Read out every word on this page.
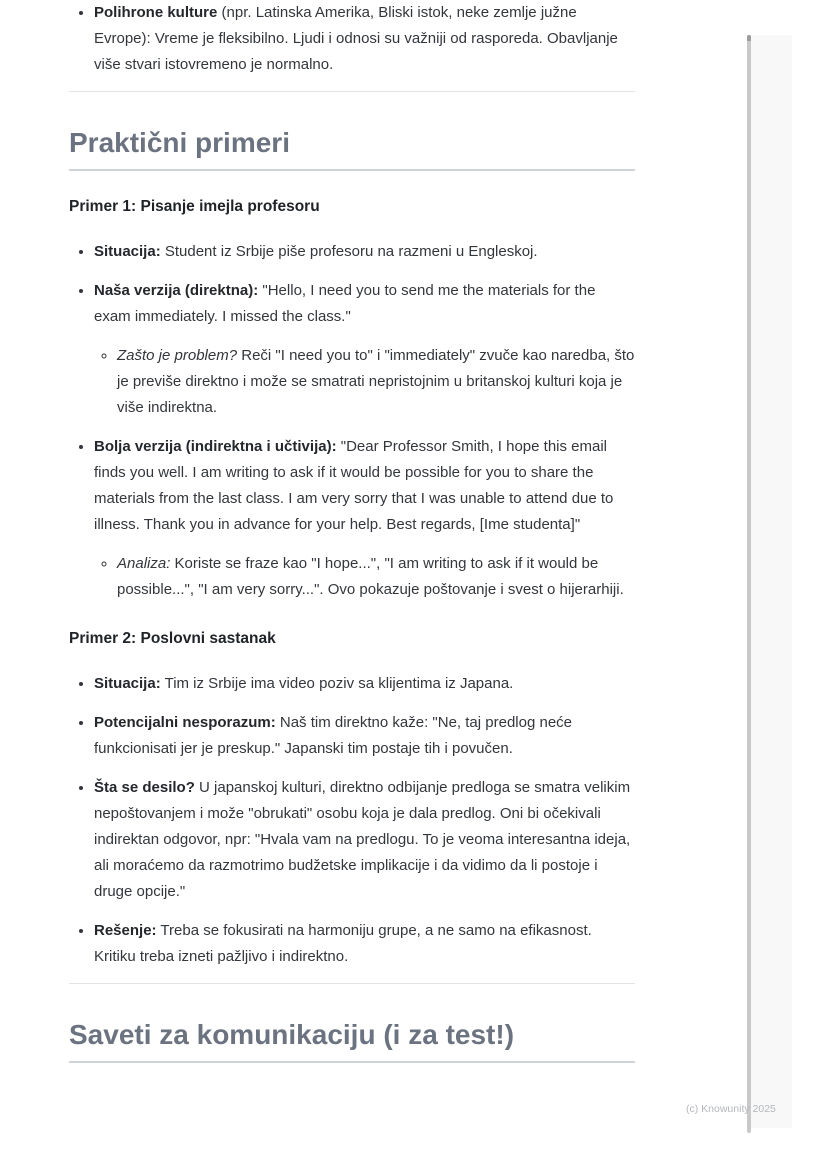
• Polihrone kulture (npr. Latinska Amerika, Bliski istok, neke zemlje južne Evrope): Vreme je fleksibilno. Ljudi i odnosi su važniji od rasporeda. Obavljanje više stvari istovremeno je normalno.
Praktični primeri
Primer 1: Pisanje imejla profesoru
• Situacija: Student iz Srbije piše profesoru na razmeni u Engleskoj.
• Naša verzija (direktna): "Hello, I need you to send me the materials for the exam immediately. I missed the class."
◦ Zašto je problem? Reči "I need you to" i "immediately" zvuče kao naredba, što je previše direktno i može se smatrati nepristojnim u britanskoj kulturi koja je više indirektna.
• Bolja verzija (indirektna i učtivija): "Dear Professor Smith, I hope this email finds you well. I am writing to ask if it would be possible for you to share the materials from the last class. I am very sorry that I was unable to attend due to illness. Thank you in advance for your help. Best regards, [Ime studenta]"
◦ Analiza: Koriste se fraze kao "I hope...", "I am writing to ask if it would be possible...", "I am very sorry...". Ovo pokazuje poštovanje i svest o hijerarhiji.
Primer 2: Poslovni sastanak
• Situacija: Tim iz Srbije ima video poziv sa klijentima iz Japana.
• Potencijalni nesporazum: Naš tim direktno kaže: "Ne, taj predlog neće funkcionisati jer je preskup." Japanski tim postaje tih i povučen.
• Šta se desilo? U japanskoj kulturi, direktno odbijanje predloga se smatra velikim nepoštovanjem i može "obrukati" osobu koja je dala predlog. Oni bi očekivali indirektan odgovor, npr: "Hvala vam na predlogu. To je veoma interesantna ideja, ali moraćemo da razmotrimo budžetske implikacije i da vidimo da li postoje i druge opcije."
• Rešenje: Treba se fokusirati na harmoniju grupe, a ne samo na efikasnost. Kritiku treba izneti pažljivo i indirektno.
Saveti za komunikaciju (i za test!)
(c) Knowunity 2025
